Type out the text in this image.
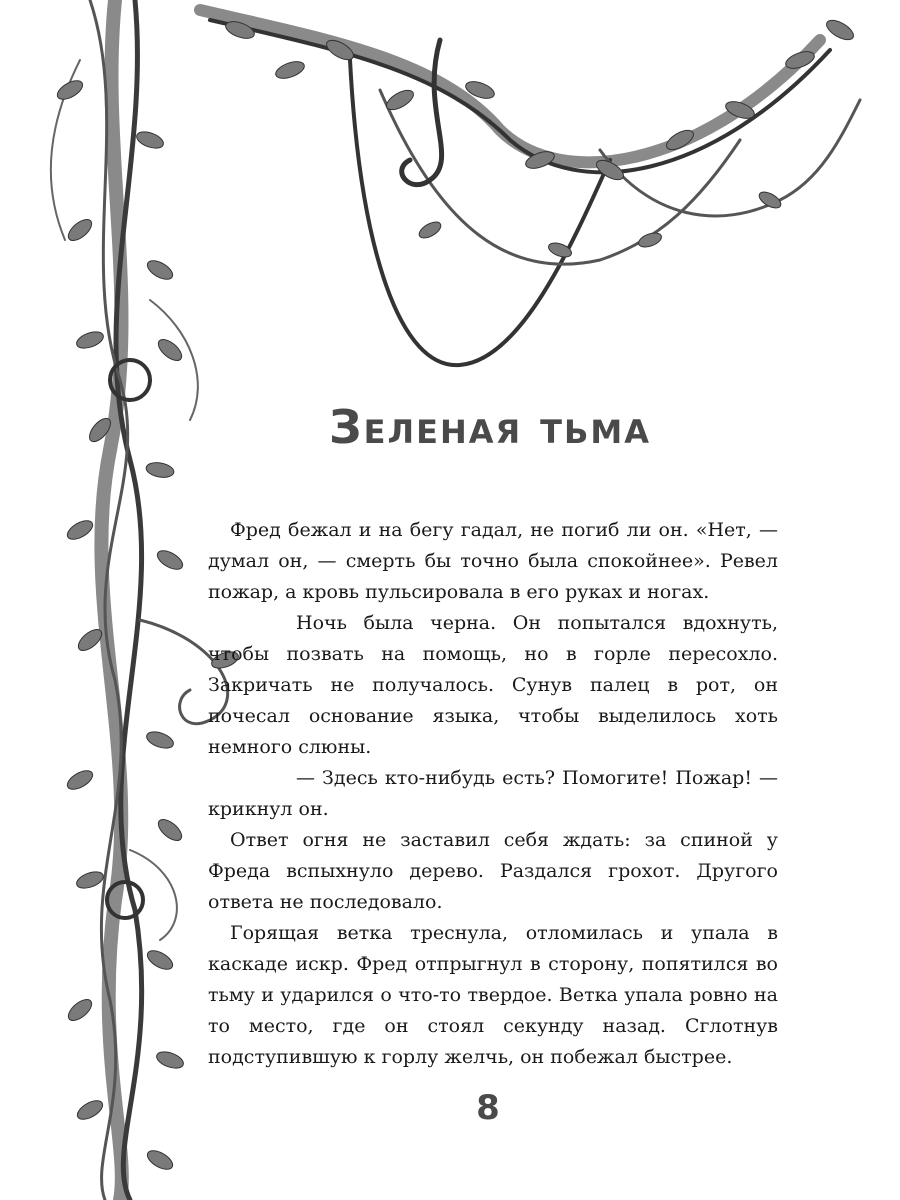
Зеленая тьма

Фред бежал и на бегу гадал, не погиб ли он. «Нет, — думал он, — смерть бы точно была спокойнее». Ревел пожар, а кровь пульсировала в его руках и ногах.

Ночь была черна. Он попытался вдохнуть, чтобы позвать на помощь, но в горле пересохло. Закричать не получалось. Сунув палец в рот, он почесал основание языка, чтобы выделилось хоть немного слюны.

— Здесь кто-нибудь есть? Помогите! Пожар! — крикнул он.

Ответ огня не заставил себя ждать: за спиной у Фреда вспыхнуло дерево. Раздался грохот. Другого ответа не последовало.

Горящая ветка треснула, отломилась и упала в каскаде искр. Фред отпрыгнул в сторону, попятился во тьму и ударился о что-то твердое. Ветка упала ровно на то место, где он стоял секунду назад. Сглотнув подступившую к горлу желчь, он побежал быстрее.

8
